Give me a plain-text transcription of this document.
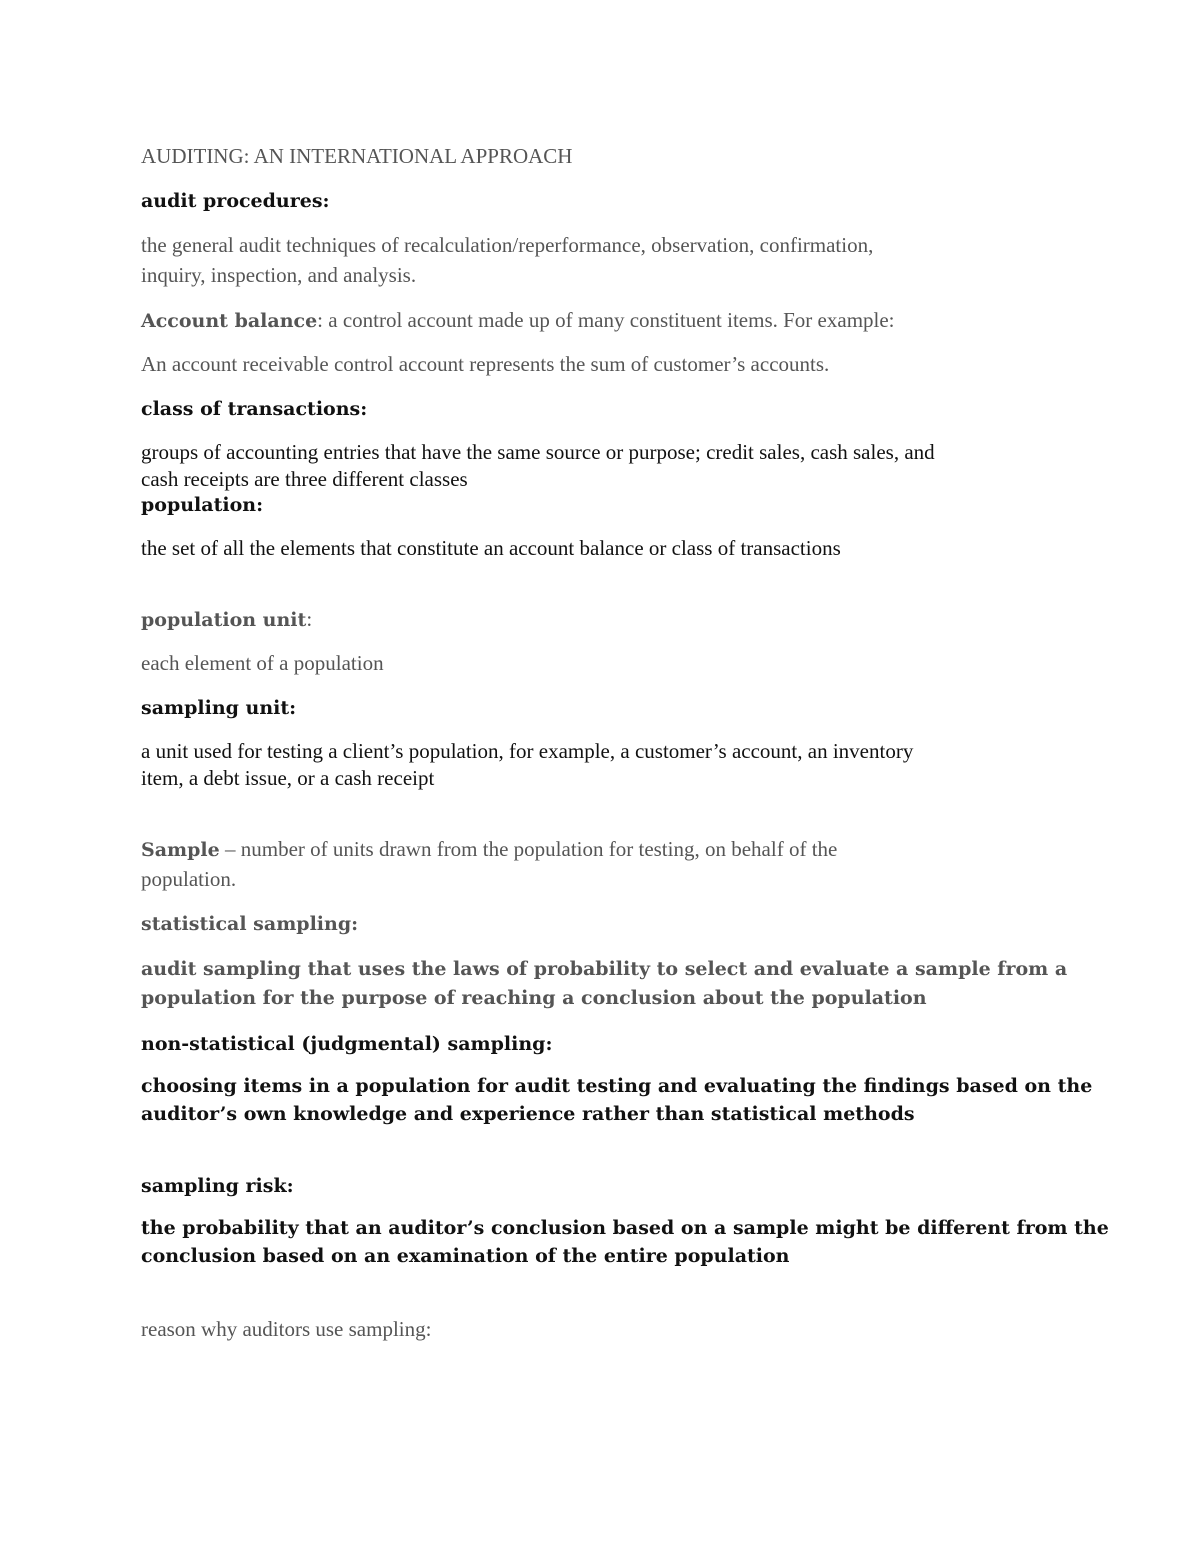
AUDITING: AN INTERNATIONAL APPROACH
audit procedures:
the general audit techniques of recalculation/reperformance, observation, confirmation,
inquiry, inspection, and analysis.
Account balance: a control account made up of many constituent items. For example:
An account receivable control account represents the sum of customer’s accounts.
class of transactions:
groups of accounting entries that have the same source or purpose; credit sales, cash sales, and
cash receipts are three different classes
population:
the set of all the elements that constitute an account balance or class of transactions
population unit:
each element of a population
sampling unit:
a unit used for testing a client’s population, for example, a customer’s account, an inventory
item, a debt issue, or a cash receipt
Sample – number of units drawn from the population for testing, on behalf of the
population.
statistical sampling:
audit sampling that uses the laws of probability to select and evaluate a sample from a
population for the purpose of reaching a conclusion about the population
non-statistical (judgmental) sampling:
choosing items in a population for audit testing and evaluating the findings based on the
auditor’s own knowledge and experience rather than statistical methods
sampling risk:
the probability that an auditor’s conclusion based on a sample might be different from the
conclusion based on an examination of the entire population
reason why auditors use sampling:
